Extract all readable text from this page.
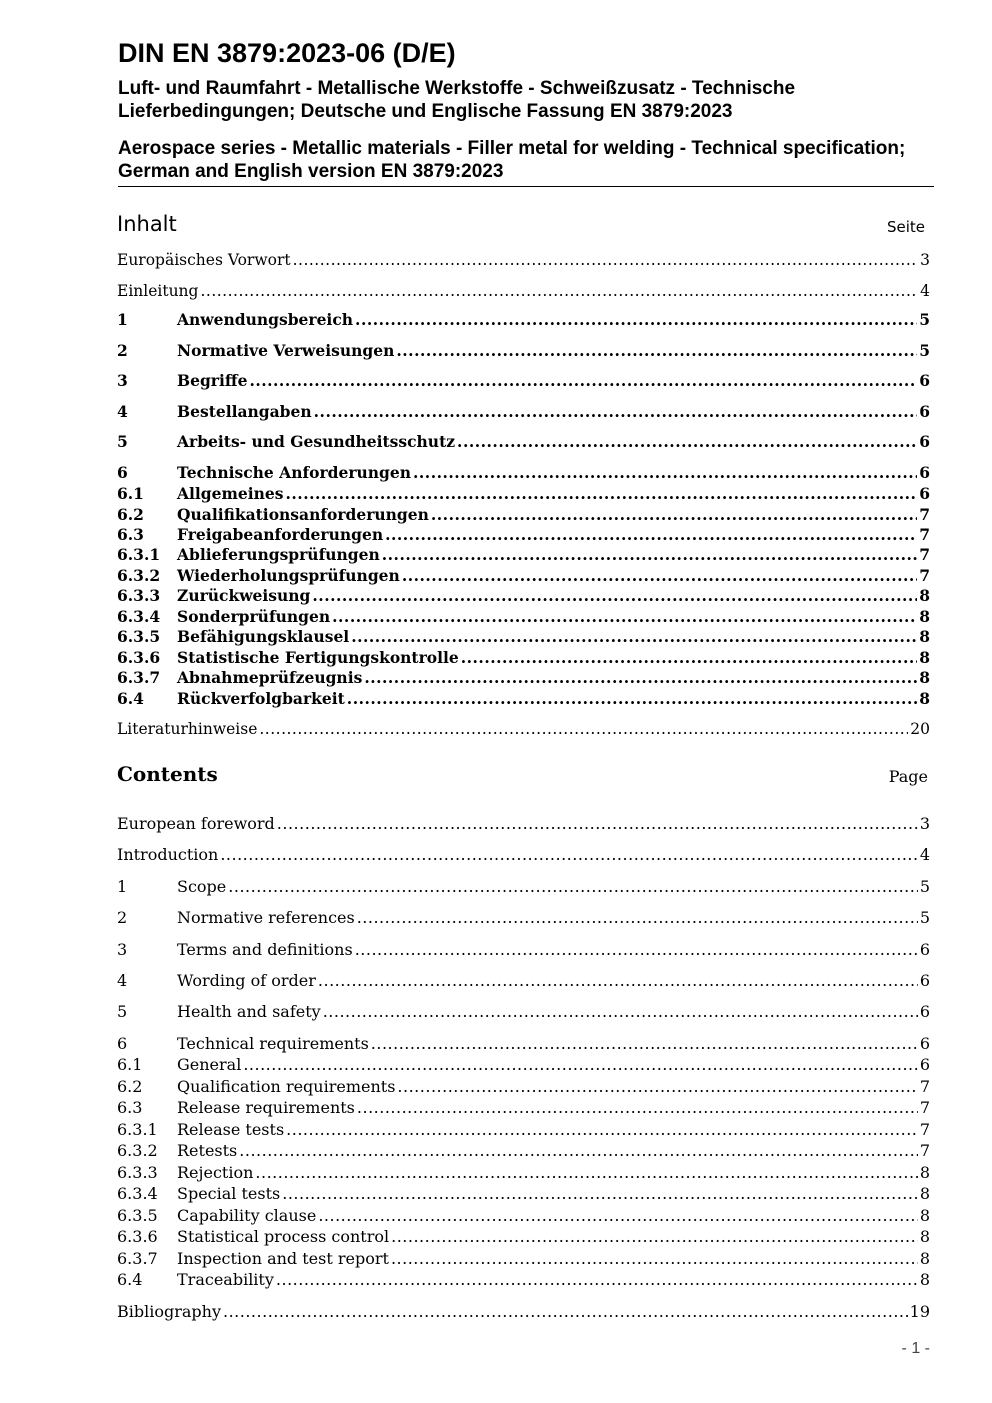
DIN EN 3879:2023-06 (D/E)

Luft- und Raumfahrt - Metallische Werkstoffe - Schweißzusatz - Technische Lieferbedingungen; Deutsche und Englische Fassung EN 3879:2023

Aerospace series - Metallic materials - Filler metal for welding - Technical specification; German and English version EN 3879:2023

Inhalt	Seite
Europäisches Vorwort .....	3
Einleitung .....	4
1	Anwendungsbereich .....	5
2	Normative Verweisungen .....	5
3	Begriffe .....	6
4	Bestellangaben .....	6
5	Arbeits- und Gesundheitsschutz .....	6
6	Technische Anforderungen .....	6
6.1	Allgemeines .....	6
6.2	Qualifikationsanforderungen .....	7
6.3	Freigabeanforderungen .....	7
6.3.1	Ablieferungsprüfungen .....	7
6.3.2	Wiederholungsprüfungen .....	7
6.3.3	Zurückweisung .....	8
6.3.4	Sonderprüfungen .....	8
6.3.5	Befähigungsklausel .....	8
6.3.6	Statistische Fertigungskontrolle .....	8
6.3.7	Abnahmeprüfzeugnis .....	8
6.4	Rückverfolgbarkeit .....	8
Literaturhinweise .....	20
Contents	Page
European foreword .....	3
Introduction .....	4
1	Scope .....	5
2	Normative references .....	5
3	Terms and definitions .....	6
4	Wording of order .....	6
5	Health and safety .....	6
6	Technical requirements .....	6
6.1	General .....	6
6.2	Qualification requirements .....	7
6.3	Release requirements .....	7
6.3.1	Release tests .....	7
6.3.2	Retests .....	7
6.3.3	Rejection .....	8
6.3.4	Special tests .....	8
6.3.5	Capability clause .....	8
6.3.6	Statistical process control .....	8
6.3.7	Inspection and test report .....	8
6.4	Traceability .....	8
Bibliography .....	19
- 1 -
